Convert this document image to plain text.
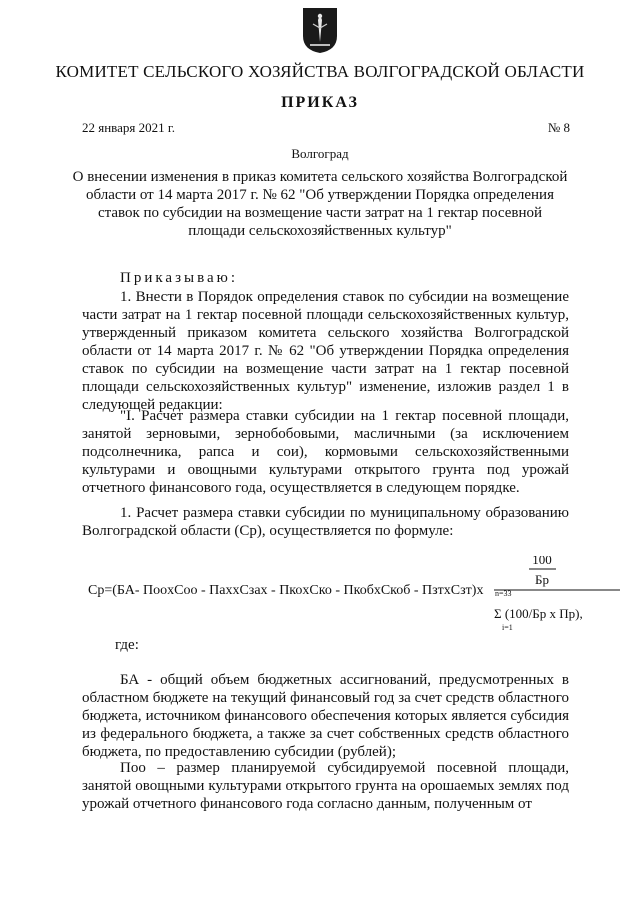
КОМИТЕТ СЕЛЬСКОГО ХОЗЯЙСТВА ВОЛГОГРАДСКОЙ ОБЛАСТИ
ПРИКАЗ
22 января 2021 г.	№ 8
Волгоград
О внесении изменения в приказ комитета сельского хозяйства Волгоградской области от 14 марта 2017 г. № 62 "Об утверждении Порядка определения ставок по субсидии на возмещение части затрат на 1 гектар посевной площади сельскохозяйственных культур"
Приказываю:

1. Внести в Порядок определения ставок по субсидии на возмещение части затрат на 1 гектар посевной площади сельскохозяйственных культур, утвержденный приказом комитета сельского хозяйства Волгоградской области от 14 марта 2017 г. № 62 "Об утверждении Порядка определения ставок по субсидии на возмещение части затрат на 1 гектар посевной площади сельскохозяйственных культур" изменение, изложив раздел 1 в следующей редакции:

"I. Расчет размера ставки субсидии на 1 гектар посевной площади, занятой зерновыми, зернобобовыми, масличными (за исключением подсолнечника, рапса и сои), кормовыми сельскохозяйственными культурами и овощными культурами открытого грунта под урожай отчетного финансового года, осуществляется в следующем порядке.

1. Расчет размера ставки субсидии по муниципальному образованию Волгоградской области (Cр), осуществляется по формуле:

Cр=(БА- ПооxCоо - ПaxxCзах - ПкоxCко - ПкобxCкоб - ПзтxCзт)x
100
Бр
n=33
i=1
Σ (100/Бр x Пр),
где:

БА - общий объем бюджетных ассигнований, предусмотренных в областном бюджете на текущий финансовый год за счет средств областного бюджета, источником финансового обеспечения которых является субсидия из федерального бюджета, а также за счет собственных средств областного бюджета, по предоставлению субсидии (рублей);

Поо – размер планируемой субсидируемой посевной площади, занятой овощными культурами открытого грунта на орошаемых землях под урожай отчетного финансового года согласно данным, полученным от
